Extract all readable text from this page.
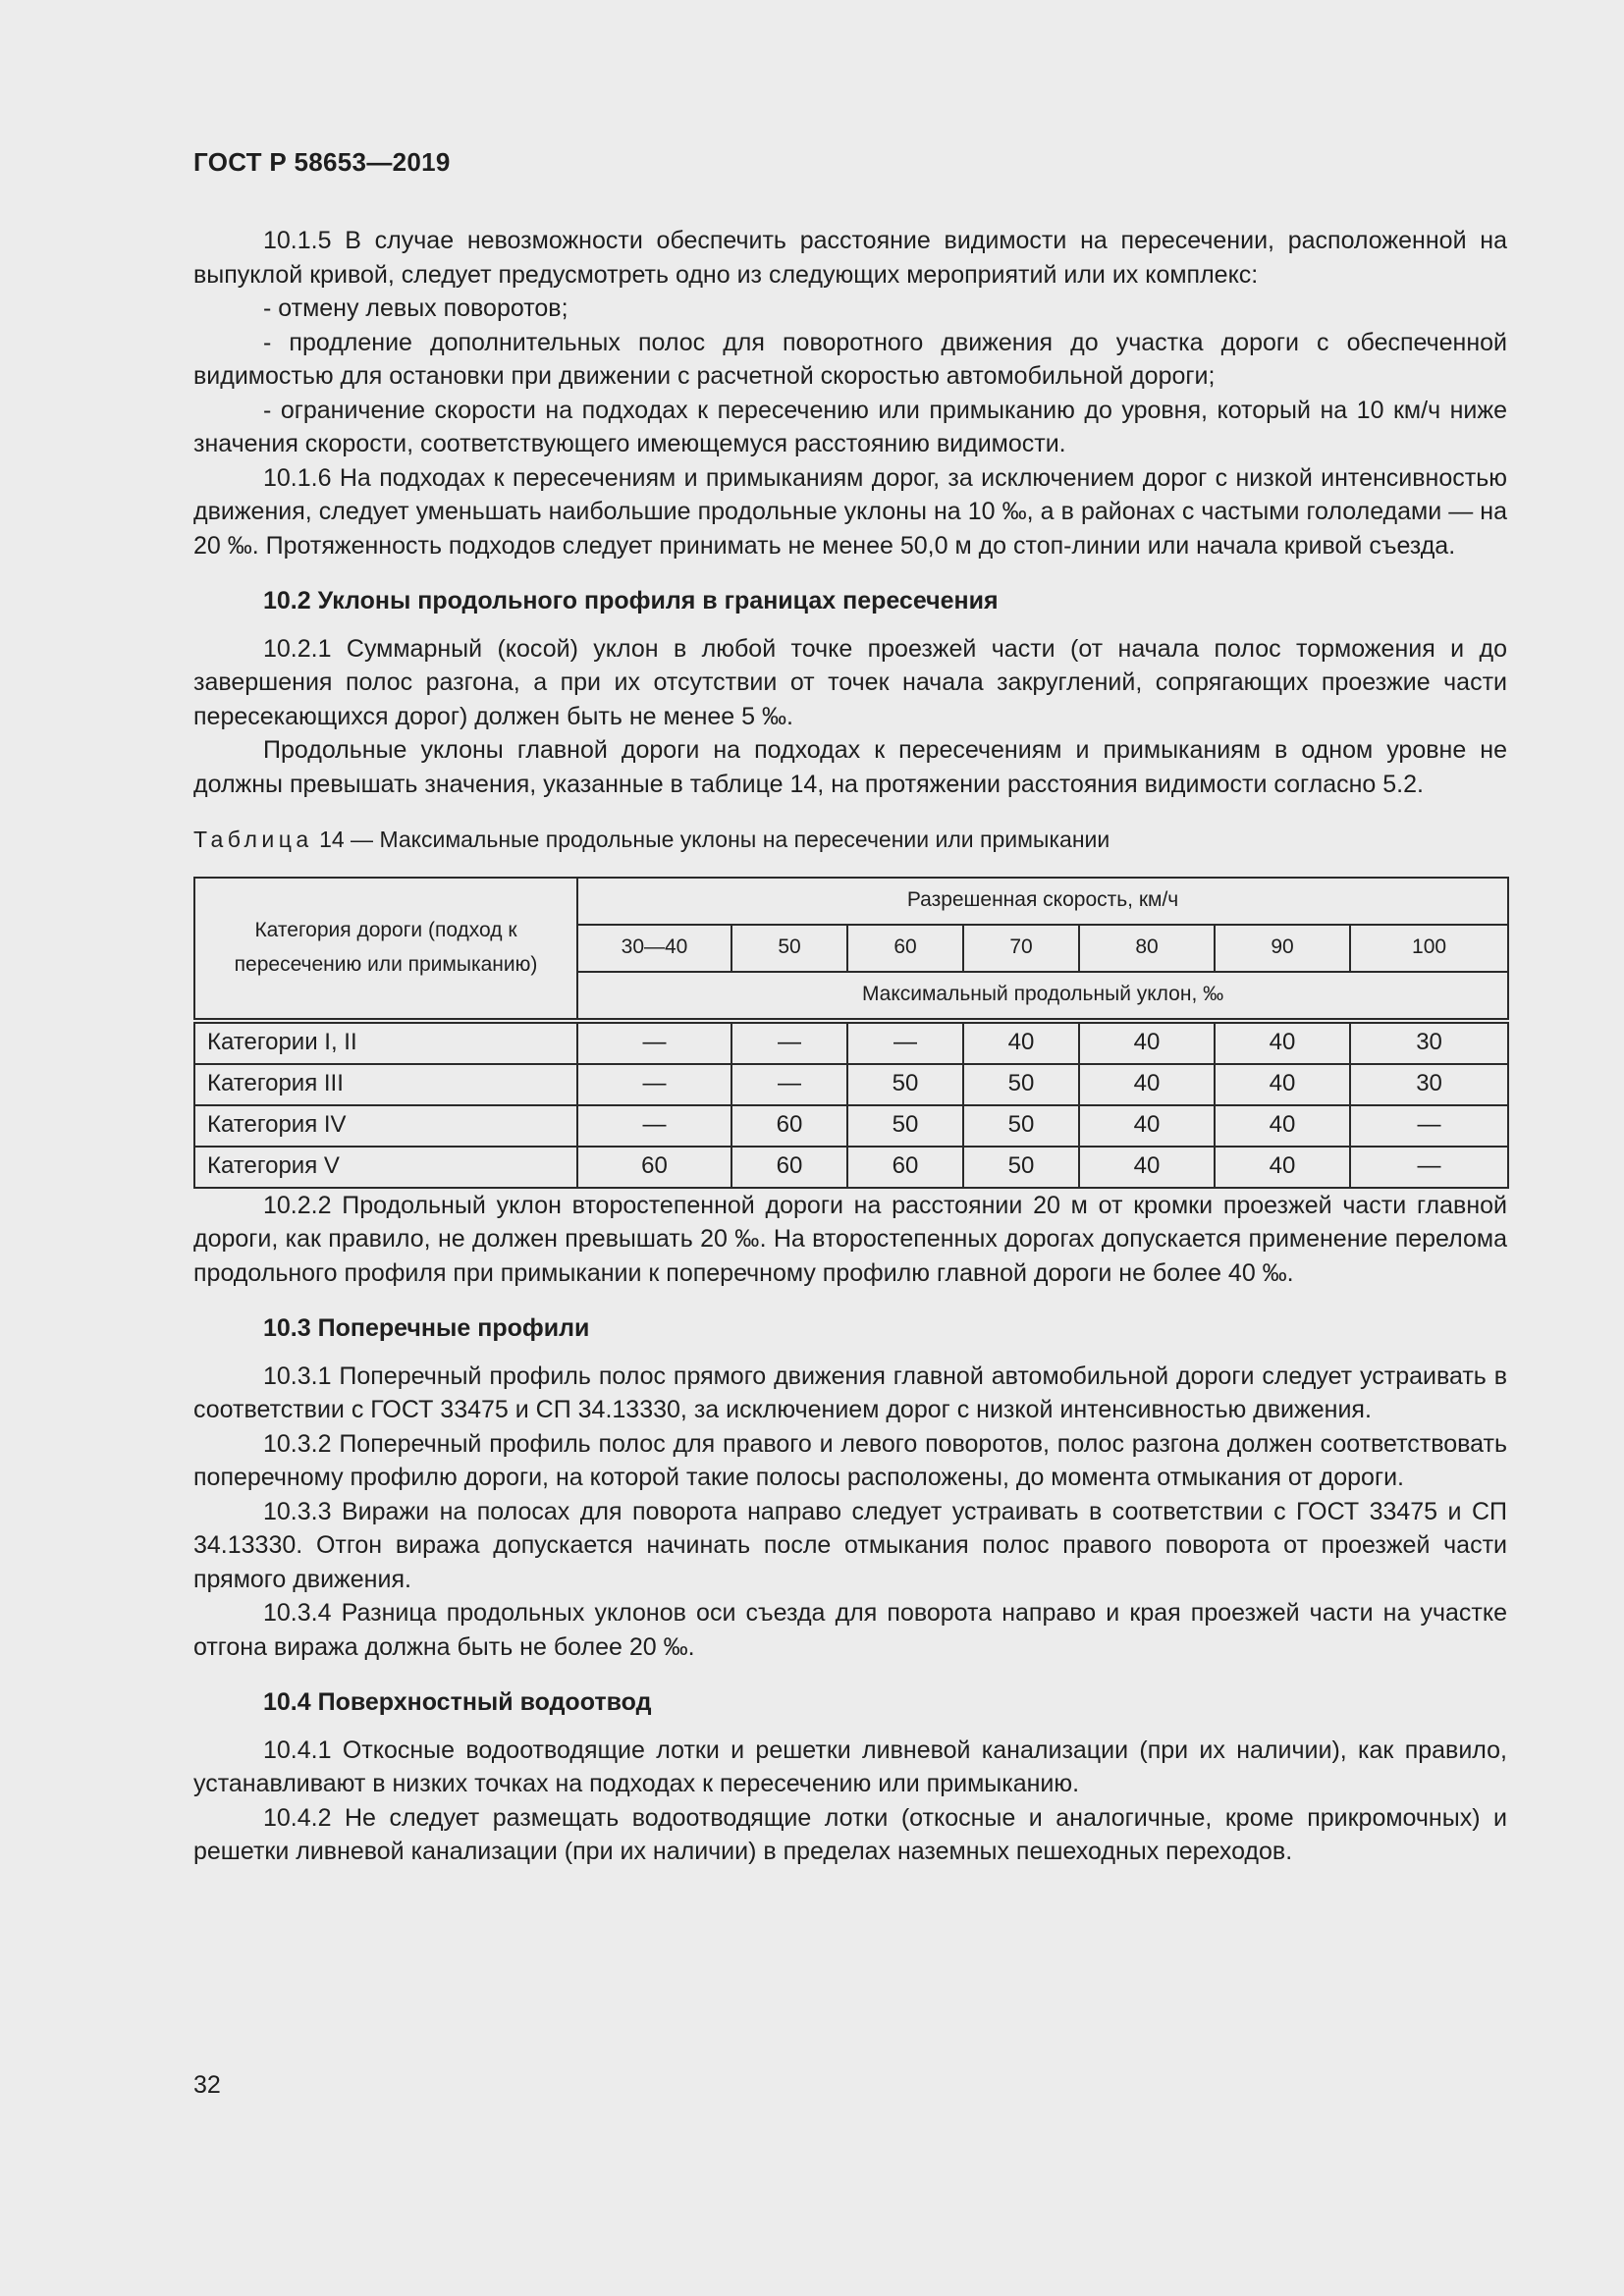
ГОСТ Р 58653—2019
10.1.5 В случае невозможности обеспечить расстояние видимости на пересечении, расположенной на выпуклой кривой, следует предусмотреть одно из следующих мероприятий или их комплекс:
- отмену левых поворотов;
- продление дополнительных полос для поворотного движения до участка дороги с обеспеченной видимостью для остановки при движении с расчетной скоростью автомобильной дороги;
- ограничение скорости на подходах к пересечению или примыканию до уровня, который на 10 км/ч ниже значения скорости, соответствующего имеющемуся расстоянию видимости.
10.1.6 На подходах к пересечениям и примыканиям дорог, за исключением дорог с низкой интенсивностью движения, следует уменьшать наибольшие продольные уклоны на 10 ‰, а в районах с частыми гололедами — на 20 ‰. Протяженность подходов следует принимать не менее 50,0 м до стоп-линии или начала кривой съезда.
10.2 Уклоны продольного профиля в границах пересечения
10.2.1 Суммарный (косой) уклон в любой точке проезжей части (от начала полос торможения и до завершения полос разгона, а при их отсутствии от точек начала закруглений, сопрягающих проезжие части пересекающихся дорог) должен быть не менее 5 ‰.
Продольные уклоны главной дороги на подходах к пересечениям и примыканиям в одном уровне не должны превышать значения, указанные в таблице 14, на протяжении расстояния видимости согласно 5.2.
Таблица 14 — Максимальные продольные уклоны на пересечении или примыкании
Категория дороги (подход к пересечению или примыканию)	Разрешенная скорость, км/ч						
	30—40	50	60	70	80	90	100
	Максимальный продольный уклон, ‰						
Категории I, II	—	—	—	40	40	40	30
Категория III	—	—	50	50	40	40	30
Категория IV	—	60	50	50	40	40	—
Категория V	60	60	60	50	40	40	—
10.2.2 Продольный уклон второстепенной дороги на расстоянии 20 м от кромки проезжей части главной дороги, как правило, не должен превышать 20 ‰. На второстепенных дорогах допускается применение перелома продольного профиля при примыкании к поперечному профилю главной дороги не более 40 ‰.
10.3 Поперечные профили
10.3.1 Поперечный профиль полос прямого движения главной автомобильной дороги следует устраивать в соответствии с ГОСТ 33475 и СП 34.13330, за исключением дорог с низкой интенсивностью движения.
10.3.2 Поперечный профиль полос для правого и левого поворотов, полос разгона должен соответствовать поперечному профилю дороги, на которой такие полосы расположены, до момента отмыкания от дороги.
10.3.3 Виражи на полосах для поворота направо следует устраивать в соответствии с ГОСТ 33475 и СП 34.13330. Отгон виража допускается начинать после отмыкания полос правого поворота от проезжей части прямого движения.
10.3.4 Разница продольных уклонов оси съезда для поворота направо и края проезжей части на участке отгона виража должна быть не более 20 ‰.
10.4 Поверхностный водоотвод
10.4.1 Откосные водоотводящие лотки и решетки ливневой канализации (при их наличии), как правило, устанавливают в низких точках на подходах к пересечению или примыканию.
10.4.2 Не следует размещать водоотводящие лотки (откосные и аналогичные, кроме прикромочных) и решетки ливневой канализации (при их наличии) в пределах наземных пешеходных переходов.
32
